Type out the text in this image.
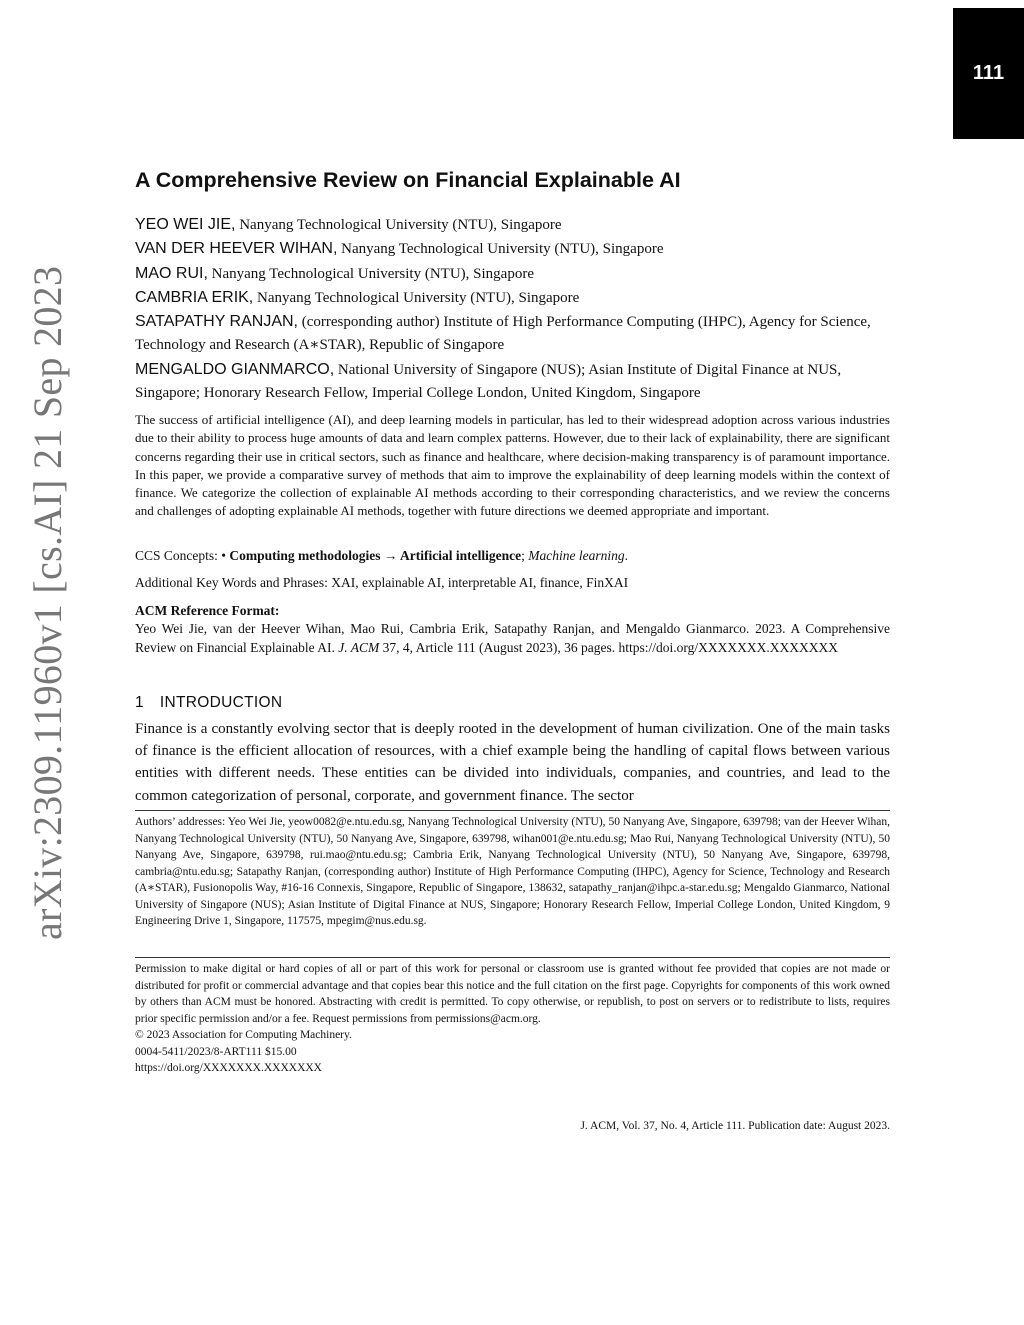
111
arXiv:2309.11960v1 [cs.AI] 21 Sep 2023
A Comprehensive Review on Financial Explainable AI
YEO WEI JIE, Nanyang Technological University (NTU), Singapore
VAN DER HEEVER WIHAN, Nanyang Technological University (NTU), Singapore
MAO RUI, Nanyang Technological University (NTU), Singapore
CAMBRIA ERIK, Nanyang Technological University (NTU), Singapore
SATAPATHY RANJAN, (corresponding author) Institute of High Performance Computing (IHPC), Agency for Science, Technology and Research (A∗STAR), Republic of Singapore
MENGALDO GIANMARCO, National University of Singapore (NUS); Asian Institute of Digital Finance at NUS, Singapore; Honorary Research Fellow, Imperial College London, United Kingdom, Singapore
The success of artificial intelligence (AI), and deep learning models in particular, has led to their widespread adoption across various industries due to their ability to process huge amounts of data and learn complex patterns. However, due to their lack of explainability, there are significant concerns regarding their use in critical sectors, such as finance and healthcare, where decision-making transparency is of paramount importance. In this paper, we provide a comparative survey of methods that aim to improve the explainability of deep learning models within the context of finance. We categorize the collection of explainable AI methods according to their corresponding characteristics, and we review the concerns and challenges of adopting explainable AI methods, together with future directions we deemed appropriate and important.
CCS Concepts: • Computing methodologies → Artificial intelligence; Machine learning.
Additional Key Words and Phrases: XAI, explainable AI, interpretable AI, finance, FinXAI
ACM Reference Format:
Yeo Wei Jie, van der Heever Wihan, Mao Rui, Cambria Erik, Satapathy Ranjan, and Mengaldo Gianmarco. 2023. A Comprehensive Review on Financial Explainable AI. J. ACM 37, 4, Article 111 (August 2023), 36 pages. https://doi.org/XXXXXXX.XXXXXXX
1 INTRODUCTION
Finance is a constantly evolving sector that is deeply rooted in the development of human civilization. One of the main tasks of finance is the efficient allocation of resources, with a chief example being the handling of capital flows between various entities with different needs. These entities can be divided into individuals, companies, and countries, and lead to the common categorization of personal, corporate, and government finance. The sector
Authors’ addresses: Yeo Wei Jie, yeow0082@e.ntu.edu.sg, Nanyang Technological University (NTU), 50 Nanyang Ave, Singapore, 639798; van der Heever Wihan, Nanyang Technological University (NTU), 50 Nanyang Ave, Singapore, 639798, wihan001@e.ntu.edu.sg; Mao Rui, Nanyang Technological University (NTU), 50 Nanyang Ave, Singapore, 639798, rui.mao@ntu.edu.sg; Cambria Erik, Nanyang Technological University (NTU), 50 Nanyang Ave, Singapore, 639798, cambria@ntu.edu.sg; Satapathy Ranjan, (corresponding author) Institute of High Performance Computing (IHPC), Agency for Science, Technology and Research (A∗STAR), Fusionopolis Way, #16-16 Connexis, Singapore, Republic of Singapore, 138632, satapathy_ranjan@ihpc.a-star.edu.sg; Mengaldo Gianmarco, National University of Singapore (NUS); Asian Institute of Digital Finance at NUS, Singapore; Honorary Research Fellow, Imperial College London, United Kingdom, 9 Engineering Drive 1, Singapore, 117575, mpegim@nus.edu.sg.

Permission to make digital or hard copies of all or part of this work for personal or classroom use is granted without fee provided that copies are not made or distributed for profit or commercial advantage and that copies bear this notice and the full citation on the first page. Copyrights for components of this work owned by others than ACM must be honored. Abstracting with credit is permitted. To copy otherwise, or republish, to post on servers or to redistribute to lists, requires prior specific permission and/or a fee. Request permissions from permissions@acm.org.

© 2023 Association for Computing Machinery.

0004-5411/2023/8-ART111 $15.00

https://doi.org/XXXXXXX.XXXXXXX

J. ACM, Vol. 37, No. 4, Article 111. Publication date: August 2023.
